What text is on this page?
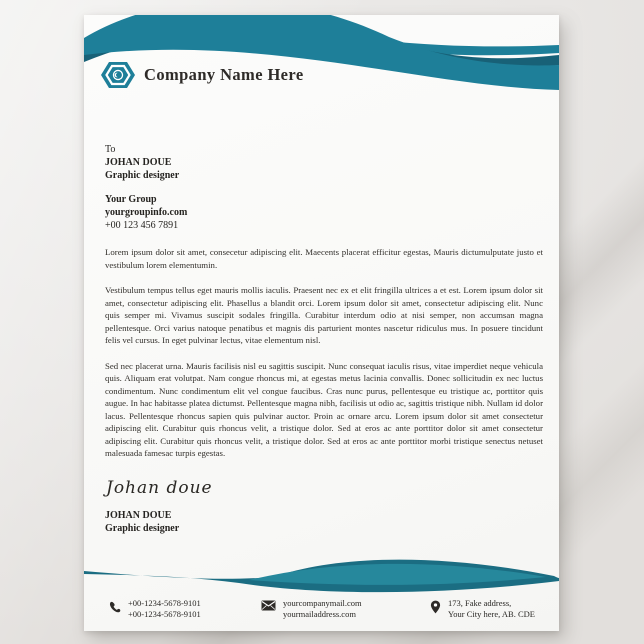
Company Name Here
To
JOHAN DOUE
Graphic designer
Your Group
yourgroupinfo.com
+00 123 456 7891

Lorem ipsum dolor sit amet, consecetur adipiscing elit. Maecents placerat efficitur egestas, Mauris dictumulputate justo et vestibulum lorem elementumin.

Vestibulum tempus tellus eget mauris mollis iaculis. Praesent nec ex et elit fringilla ultrices a et est. Lorem ipsum dolor sit amet, consectetur adipiscing elit. Phasellus a blandit orci. Lorem ipsum dolor sit amet, consectetur adipiscing elit. Nunc quis semper mi. Vivamus suscipit sodales fringilla. Curabitur interdum odio at nisi semper, non accumsan magna pellentesque. Orci varius natoque penatibus et magnis dis parturient montes nascetur ridiculus mus. In posuere tincidunt felis vel cursus. In eget pulvinar lectus, vitae elementum nisl.

Sed nec placerat urna. Mauris facilisis nisl eu sagittis suscipit. Nunc consequat iaculis risus, vitae imperdiet neque vehicula quis. Aliquam erat volutpat. Nam congue rhoncus mi, at egestas metus lacinia convallis. Donec sollicitudin ex nec luctus condimentum. Nunc condimentum elit vel congue faucibus. Cras nunc purus, pellentesque eu tristique ac, porttitor quis augue. In hac habitasse platea dictumst. Pellentesque magna nibh, facilisis ut odio ac, sagittis tristique nibh. Nullam id dolor lacus. Pellentesque rhoncus sapien quis pulvinar auctor. Proin ac ornare arcu. Lorem ipsum dolor sit amet consectetur adipiscing elit. Curabitur quis rhoncus velit, a tristique dolor. Sed at eros ac ante porttitor dolor sit amet consectetur adipiscing elit. Curabitur quis rhoncus velit, a tristique dolor. Sed at eros ac ante porttitor morbi tristique senectus netuset malesuada famesac turpis egestas.

Johan doue
JOHAN DOUE
Graphic designer
+00-1234-5678-9101
+00-1234-5678-9101
yourcompanymail.com
yourmailaddress.com
173, Fake address,
Your City here, AB. CDE
